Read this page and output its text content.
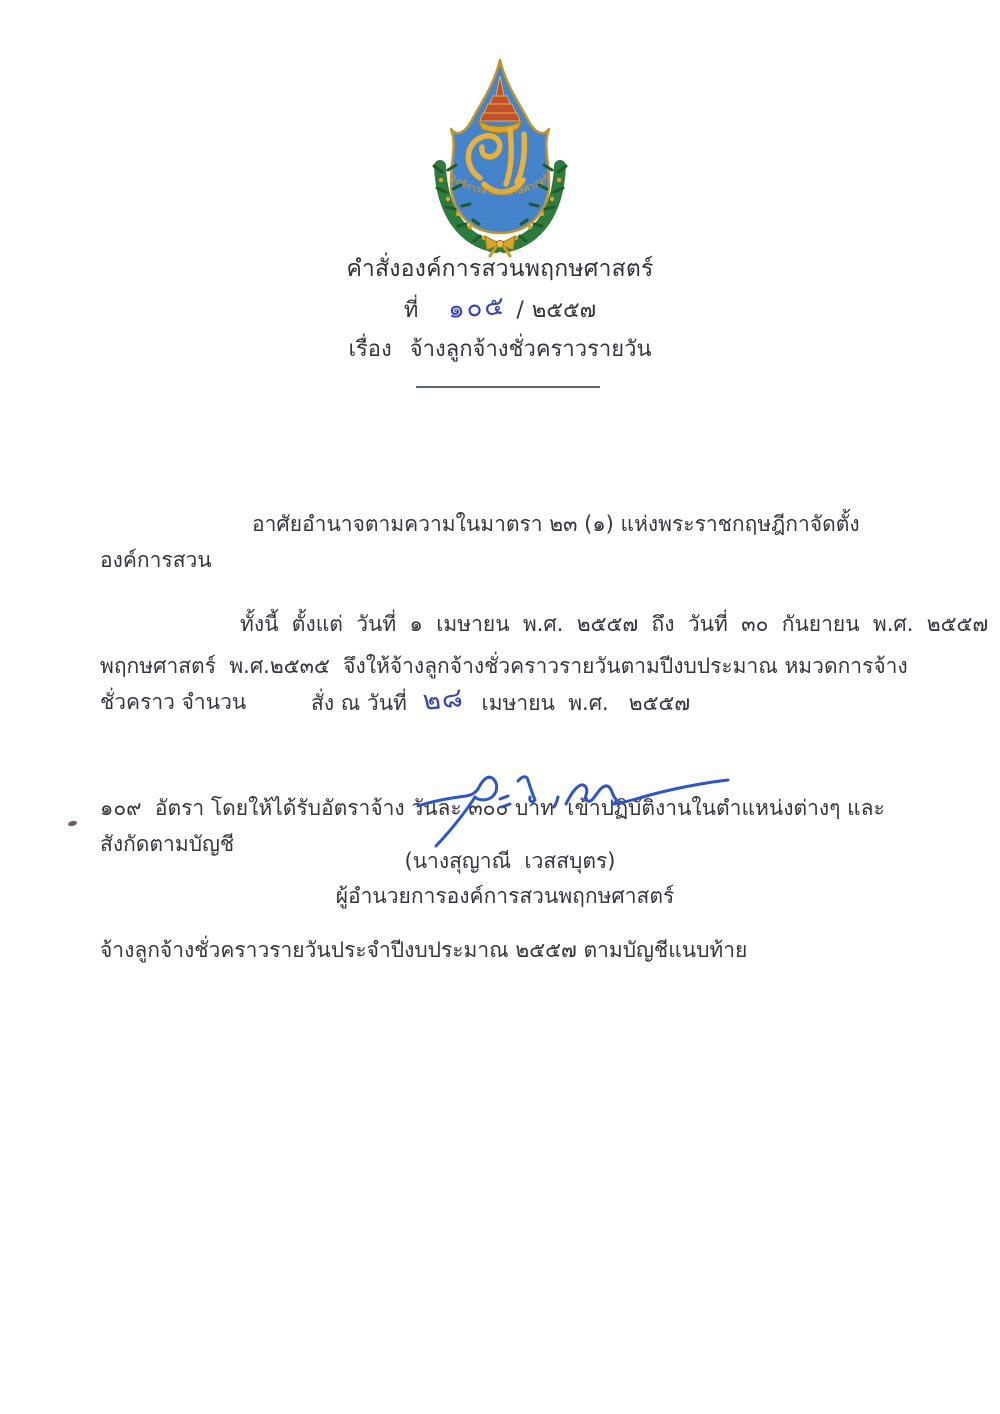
องค์การสวนพฤกษศาสตร์
คำสั่งองค์การสวนพฤกษศาสตร์
ที่ ๑๐๕ / ๒๕๕๗
เรื่อง จ้างลูกจ้างชั่วคราวรายวัน

อาศัยอำนาจตามความในมาตรา ๒๓ (๑) แห่งพระราชกฤษฎีกาจัดตั้งองค์การสวน

พฤกษศาสตร์  พ.ศ.๒๕๓๕  จึงให้จ้างลูกจ้างชั่วคราวรายวันตามปีงบประมาณ หมวดการจ้างชั่วคราว จำนวน

๑๐๙  อัตรา โดยให้ได้รับอัตราจ้าง วันละ ๓๐๐ บาท  เข้าปฏิบัติงานในตำแหน่งต่างๆ และสังกัดตามบัญชี

จ้างลูกจ้างชั่วคราวรายวันประจำปีงบประมาณ ๒๕๕๗ ตามบัญชีแนบท้าย

ทั้งนี้  ตั้งแต่  วันที่  ๑  เมษายน  พ.ศ.  ๒๕๕๗  ถึง  วันที่  ๓๐  กันยายน  พ.ศ.  ๒๕๕๗
สั่ง ณ วันที่ ๒๘ เมษายน  พ.ศ.   ๒๕๕๗
(นางสุญาณี  เวสสบุตร)
ผู้อำนวยการองค์การสวนพฤกษศาสตร์
